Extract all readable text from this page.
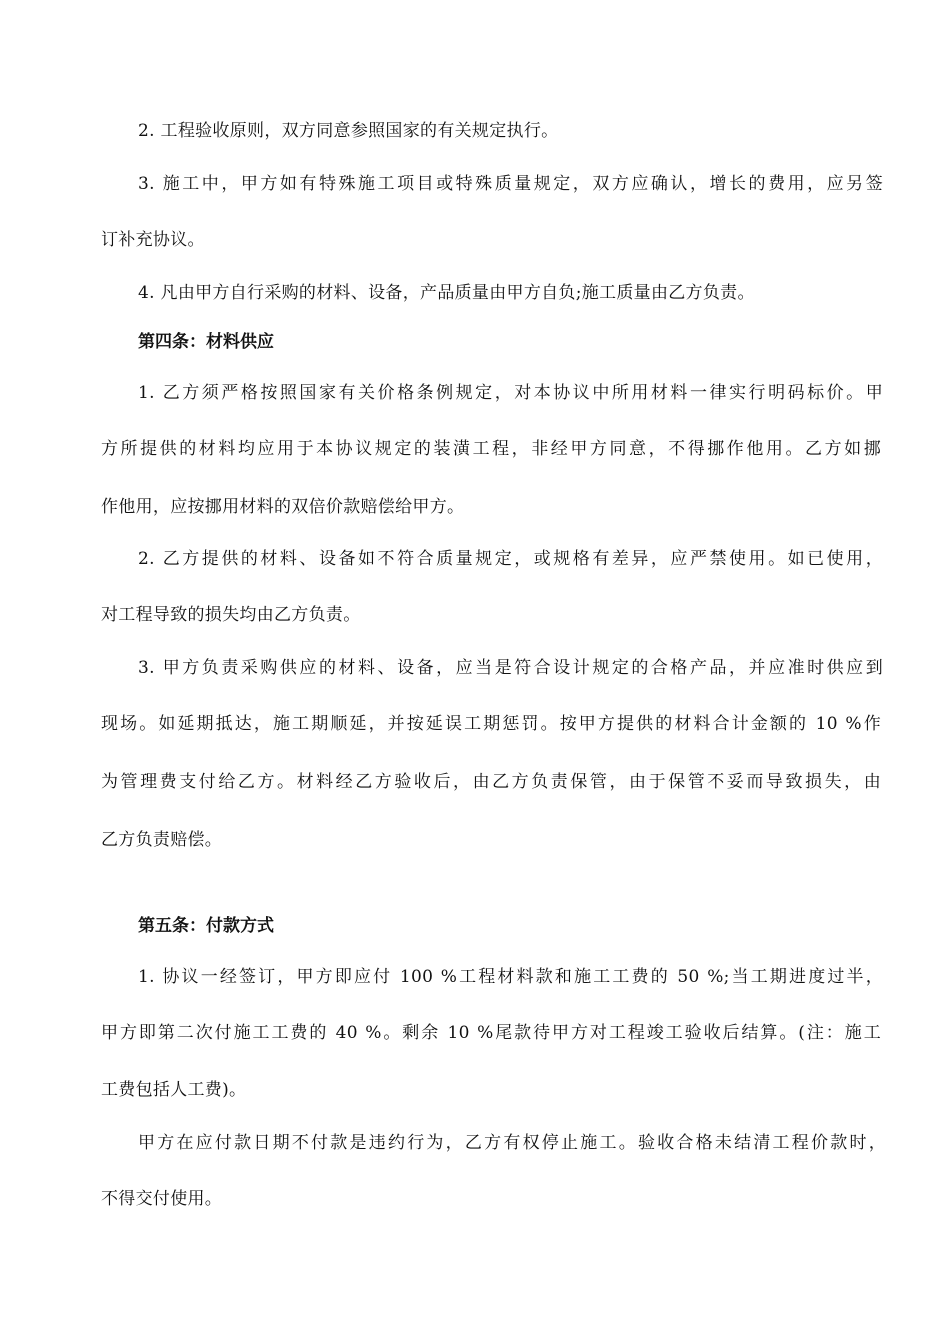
2. 工程验收原则，双方同意参照国家的有关规定执行。
3. 施工中，甲方如有特殊施工项目或特殊质量规定，双方应确认，增长的费用，应另签
订补充协议。
4. 凡由甲方自行采购的材料、设备，产品质量由甲方自负;施工质量由乙方负责。
第四条：材料供应
1. 乙方须严格按照国家有关价格条例规定，对本协议中所用材料一律实行明码标价。甲
方所提供的材料均应用于本协议规定的装潢工程，非经甲方同意，不得挪作他用。乙方如挪
作他用，应按挪用材料的双倍价款赔偿给甲方。
2. 乙方提供的材料、设备如不符合质量规定，或规格有差异，应严禁使用。如已使用，
对工程导致的损失均由乙方负责。
3. 甲方负责采购供应的材料、设备，应当是符合设计规定的合格产品，并应准时供应到
现场。如延期抵达，施工期顺延，并按延误工期惩罚。按甲方提供的材料合计金额的 10 %作
为管理费支付给乙方。材料经乙方验收后，由乙方负责保管，由于保管不妥而导致损失，由
乙方负责赔偿。
第五条：付款方式
1. 协议一经签订，甲方即应付 100 %工程材料款和施工工费的 50 %;当工期进度过半，
甲方即第二次付施工工费的 40 %。剩余 10 %尾款待甲方对工程竣工验收后结算。(注：施工
工费包括人工费)。
甲方在应付款日期不付款是违约行为，乙方有权停止施工。验收合格未结清工程价款时，
不得交付使用。
